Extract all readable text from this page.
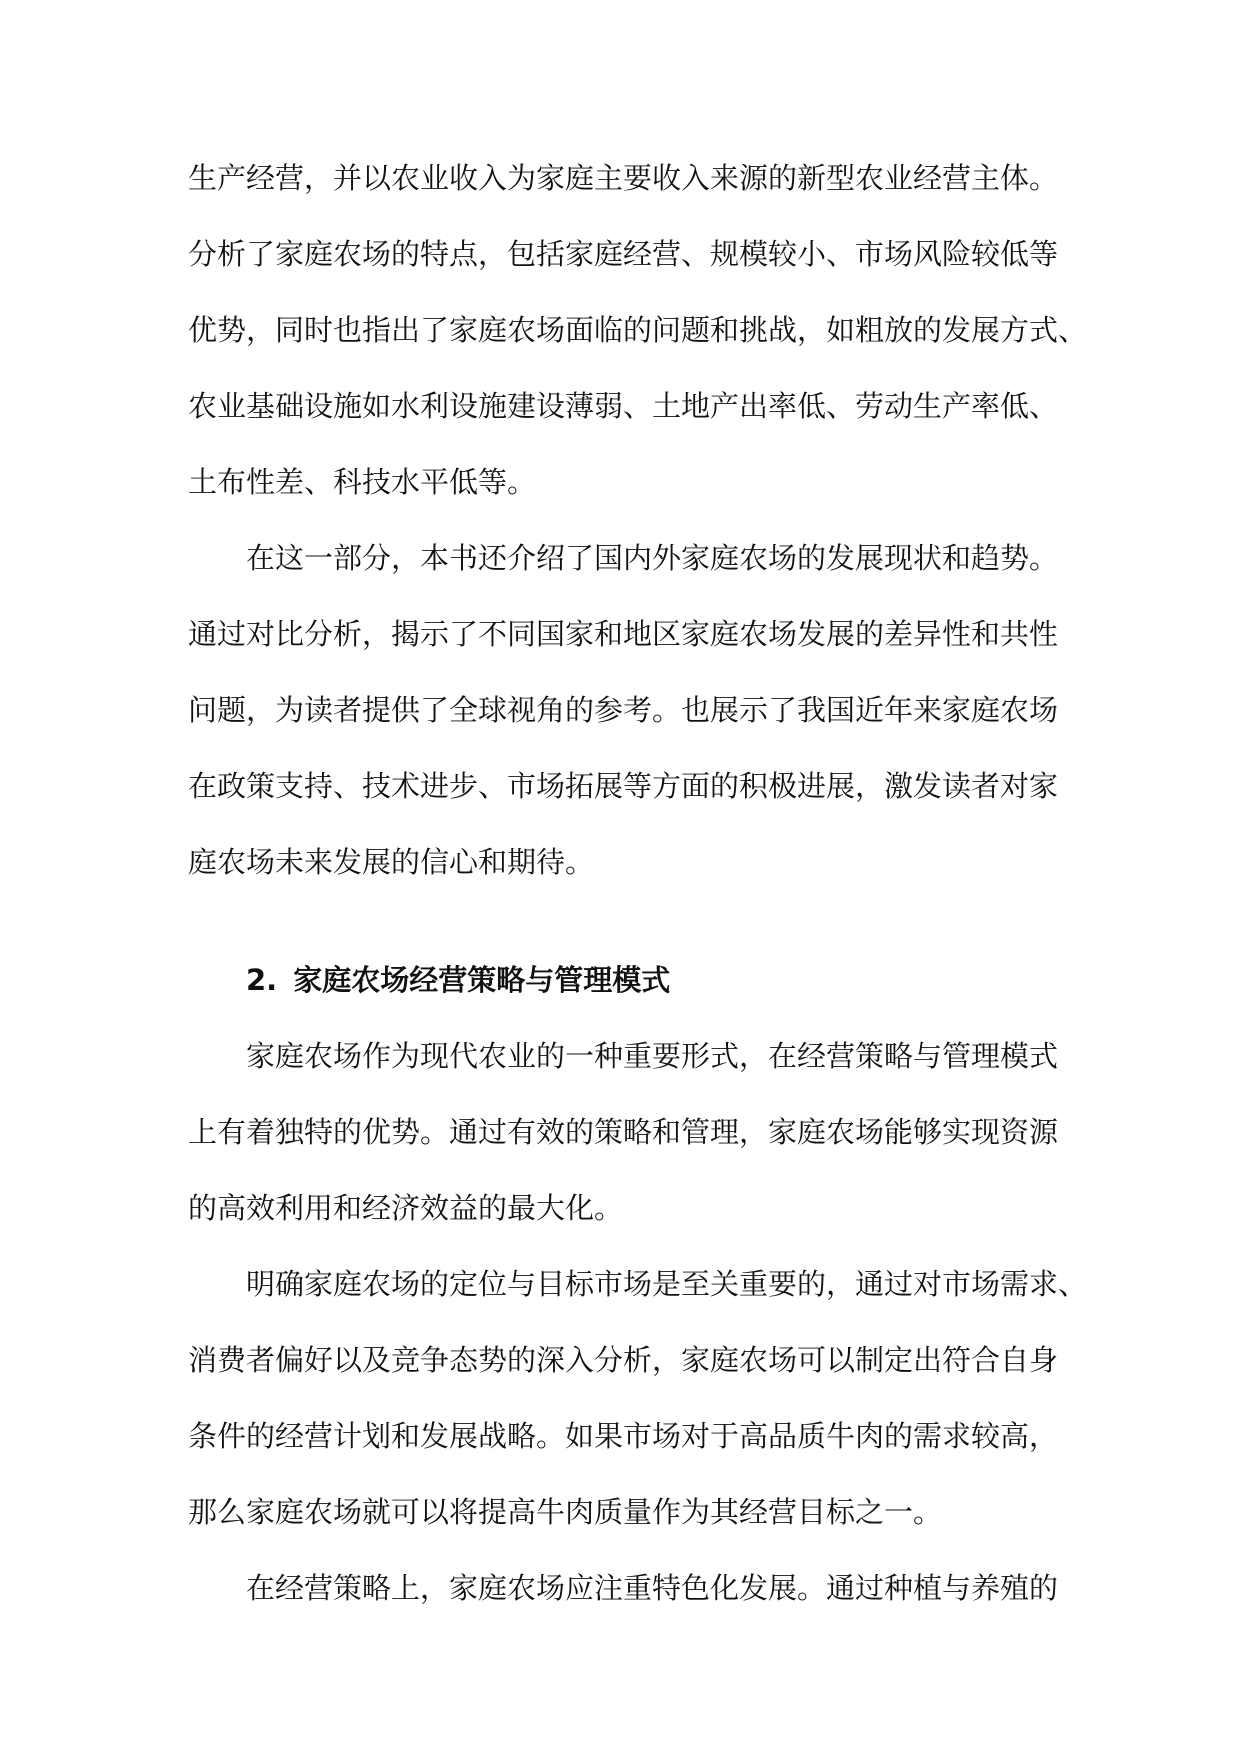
生产经营，并以农业收入为家庭主要收入来源的新型农业经营主体。
分析了家庭农场的特点，包括家庭经营、规模较小、市场风险较低等
优势，同时也指出了家庭农场面临的问题和挑战，如粗放的发展方式、
农业基础设施如水利设施建设薄弱、土地产出率低、劳动生产率低、
土布性差、科技水平低等。
在这一部分，本书还介绍了国内外家庭农场的发展现状和趋势。
通过对比分析，揭示了不同国家和地区家庭农场发展的差异性和共性
问题，为读者提供了全球视角的参考。也展示了我国近年来家庭农场
在政策支持、技术进步、市场拓展等方面的积极进展，激发读者对家
庭农场未来发展的信心和期待。
2. 家庭农场经营策略与管理模式
家庭农场作为现代农业的一种重要形式，在经营策略与管理模式
上有着独特的优势。通过有效的策略和管理，家庭农场能够实现资源
的高效利用和经济效益的最大化。
明确家庭农场的定位与目标市场是至关重要的，通过对市场需求、
消费者偏好以及竞争态势的深入分析，家庭农场可以制定出符合自身
条件的经营计划和发展战略。如果市场对于高品质牛肉的需求较高，
那么家庭农场就可以将提高牛肉质量作为其经营目标之一。
在经营策略上，家庭农场应注重特色化发展。通过种植与养殖的
